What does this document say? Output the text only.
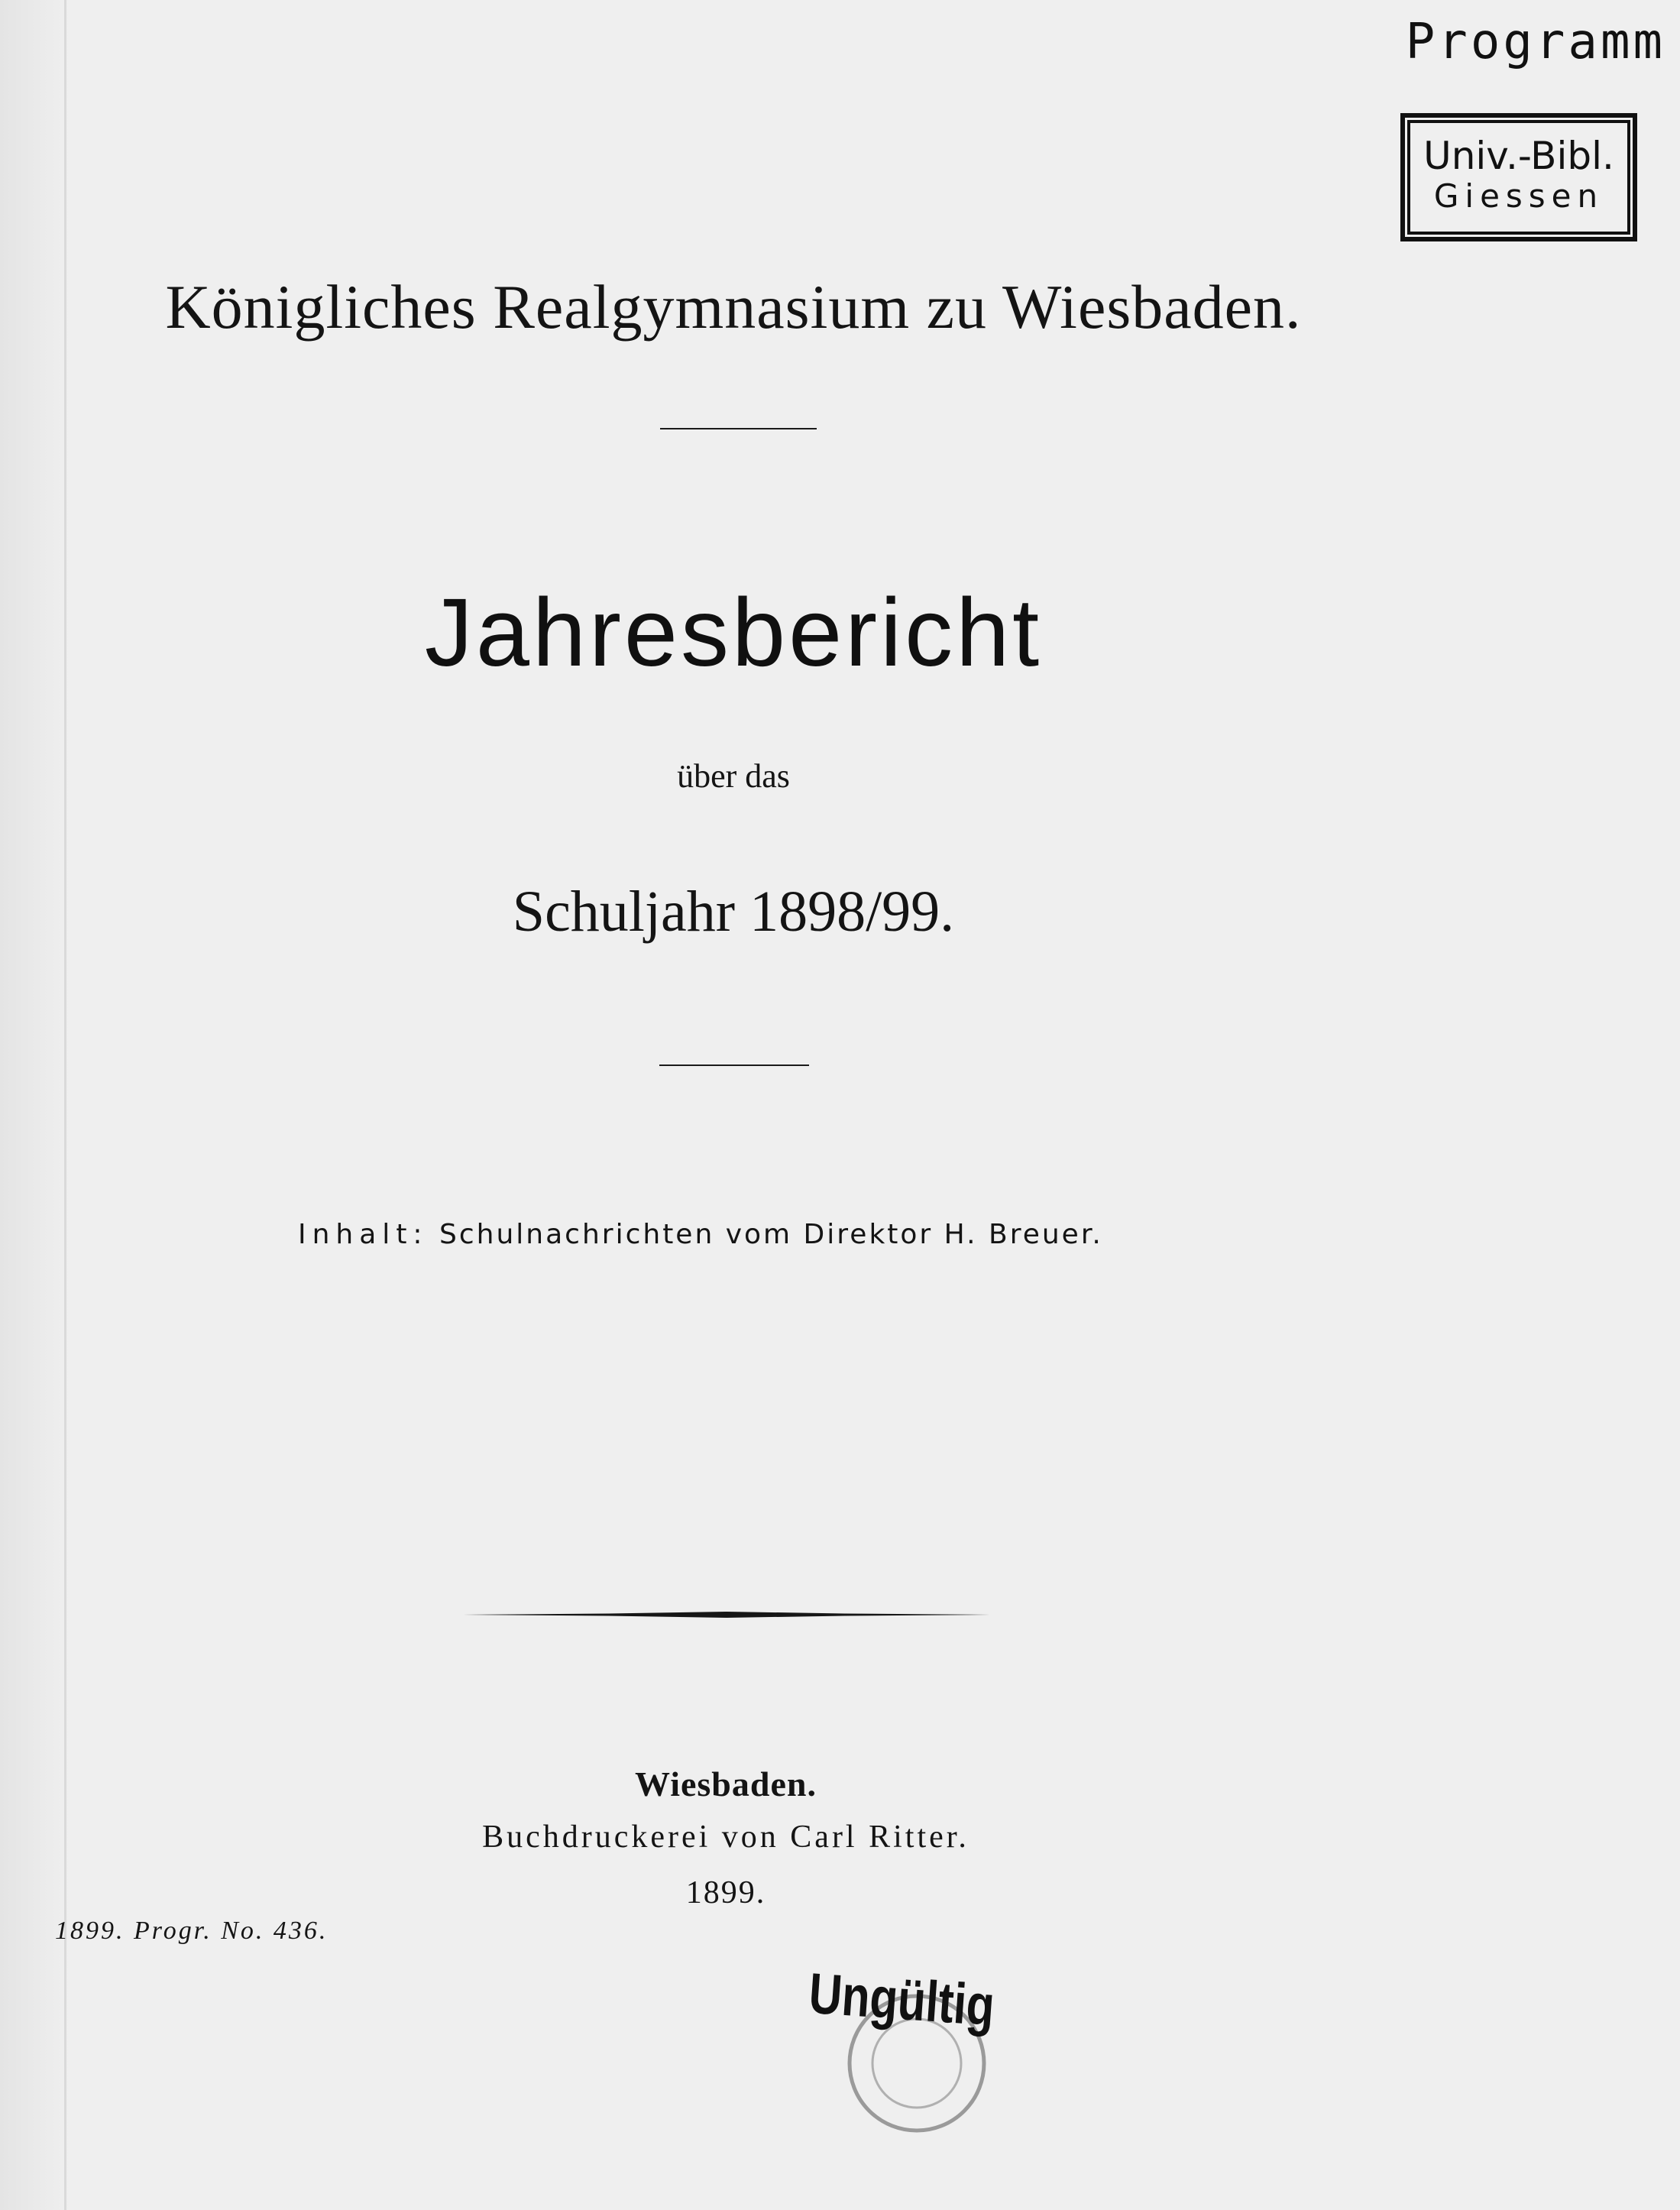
Programm
Univ.-Bibl.
Giessen
Königliches Realgymnasium zu Wiesbaden.
Jahresbericht
über das
Schuljahr 1898/99.
Inhalt: Schulnachrichten vom Direktor H. Breuer.
Wiesbaden.
Buchdruckerei von Carl Ritter.
1899.
1899. Progr. No. 436.
Ungültig
